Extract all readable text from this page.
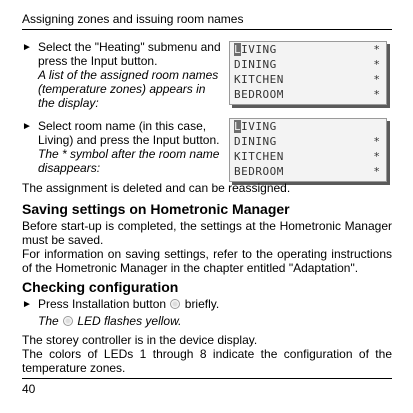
Assigning zones and issuing room names
► Select the "Heating" submenu and press the Input button.
A list of the assigned room names (temperature zones) appears in the display:
LIVING	*
DINING	*
KITCHEN	*
BEDROOM	*
► Select room name (in this case, Living) and press the Input button.
The * symbol after the room name disappears:
LIVING
DINING	*
KITCHEN	*
BEDROOM	*
The assignment is deleted and can be reassigned.
Saving settings on Hometronic Manager
Before start-up is completed, the settings at the Hometronic Manager must be saved.
For information on saving settings, refer to the operating instructions of the Hometronic Manager in the chapter entitled "Adaptation".
Checking configuration
► Press Installation button briefly.
The LED flashes yellow.
The storey controller is in the device display.
The colors of LEDs 1 through 8 indicate the configuration of the temperature zones.
40
